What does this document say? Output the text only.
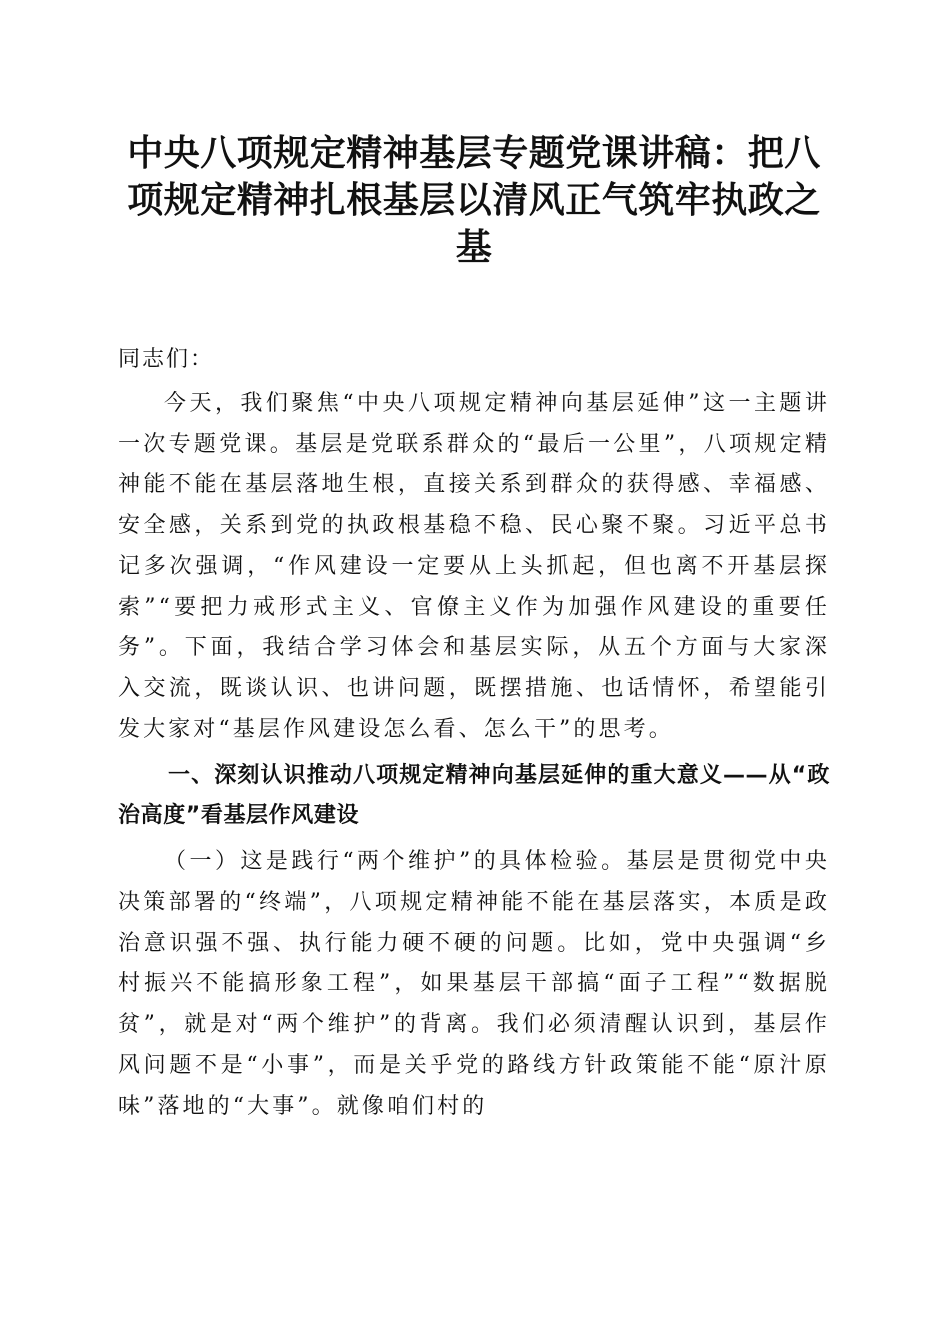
中央八项规定精神基层专题党课讲稿：把八项规定精神扎根基层以清风正气筑牢执政之基
同志们：

今天，我们聚焦“中央八项规定精神向基层延伸”这一主题讲一次专题党课。基层是党联系群众的“最后一公里”，八项规定精神能不能在基层落地生根，直接关系到群众的获得感、幸福感、安全感，关系到党的执政根基稳不稳、民心聚不聚。习近平总书记多次强调，“作风建设一定要从上头抓起，但也离不开基层探索”“要把力戒形式主义、官僚主义作为加强作风建设的重要任务”。下面，我结合学习体会和基层实际，从五个方面与大家深入交流，既谈认识、也讲问题，既摆措施、也话情怀，希望能引发大家对“基层作风建设怎么看、怎么干”的思考。

一、深刻认识推动八项规定精神向基层延伸的重大意义——从“政治高度”看基层作风建设

（一）这是践行“两个维护”的具体检验。基层是贯彻党中央决策部署的“终端”，八项规定精神能不能在基层落实，本质是政治意识强不强、执行能力硬不硬的问题。比如，党中央强调“乡村振兴不能搞形象工程”，如果基层干部搞“面子工程”“数据脱贫”，就是对“两个维护”的背离。我们必须清醒认识到，基层作风问题不是“小事”，而是关乎党的路线方针政策能不能“原汁原味”落地的“大事”。就像咱们村的
